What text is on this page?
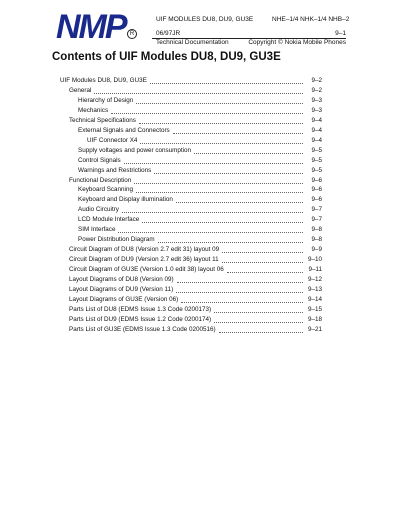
NMP R
UIF MODULES DU8, DU9, GU3E	NHE–1/4 NHK–1/4 NHB–2
06/97JR	9–1
Technical Documentation	Copyright © Nokia Mobile Phones
Contents of UIF Modules DU8, DU9, GU3E
UIF Modules DU8, DU9, GU3E	9–2
General	9–2
Hierarchy of Design	9–3
Mechanics	9–3
Technical Specifications	9–4
External Signals and Connectors	9–4
UIF Connector X4	9–4
Supply voltages and power consumption	9–5
Control Signals	9–5
Warnings and Restrictions	9–5
Functional Description	9–6
Keyboard Scanning	9–6
Keyboard and Display illumination	9–6
Audio Circuitry	9–7
LCD Module Interface	9–7
SIM Interface	9–8
Power Distribution Diagram	9–8
Circuit Diagram of DU8 (Version 2.7 edit 31) layout 09	9–9
Circuit Diagram of DU9 (Version 2.7 edit 36) layout 11	9–10
Circuit Diagram of GU3E (Version 1.0 edit 38) layout 06	9–11
Layout Diagrams of DU8 (Version 09)	9–12
Layout Diagrams of DU9 (Version 11)	9–13
Layout Diagrams of GU3E (Version 06)	9–14
Parts List of DU8 (EDMS Issue 1.3 Code 0200173)	9–15
Parts List of DU9 (EDMS Issue 1.2 Code 0200174)	9–18
Parts List of GU3E (EDMS Issue 1.3 Code 0200516)	9–21
